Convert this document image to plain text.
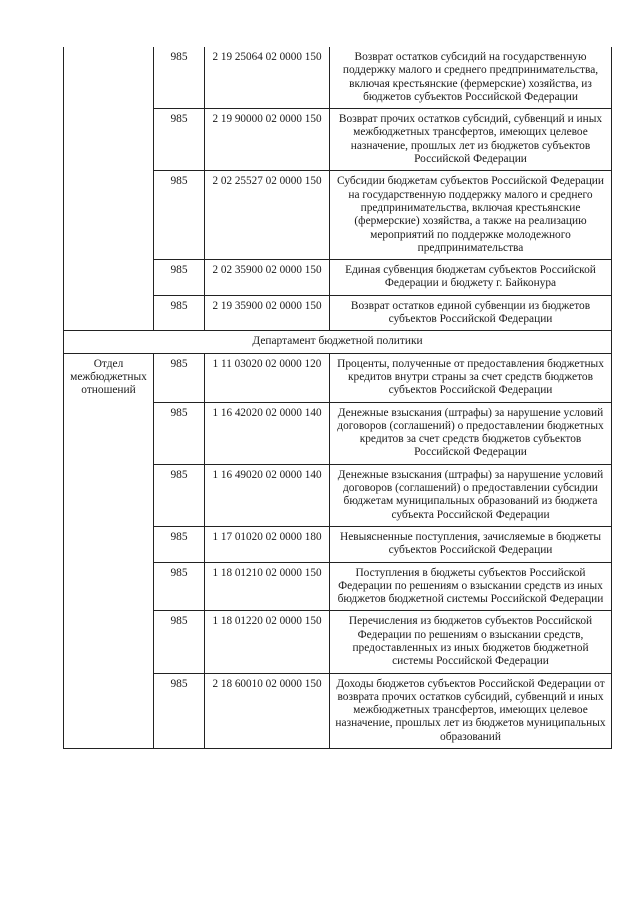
	985	2 19 25064 02 0000 150	Возврат остатков субсидий на государственную поддержку малого и среднего предпринимательства, включая крестьянские (фермерские) хозяйства, из бюджетов субъектов Российской Федерации
	985	2 19 90000 02 0000 150	Возврат прочих остатков субсидий, субвенций и иных межбюджетных трансфертов, имеющих целевое назначение, прошлых лет из бюджетов субъектов Российской Федерации
	985	2 02 25527 02 0000 150	Субсидии бюджетам субъектов Российской Федерации на государственную поддержку малого и среднего предпринимательства, включая крестьянские (фермерские) хозяйства, а также на реализацию мероприятий по поддержке молодежного предпринимательства
	985	2 02 35900 02 0000 150	Единая субвенция бюджетам субъектов Российской Федерации и бюджету г. Байконура
	985	2 19 35900 02 0000 150	Возврат остатков единой субвенции из бюджетов субъектов Российской Федерации
Департамент бюджетной политики			
Отдел межбюджетных отношений	985	1 11 03020 02 0000 120	Проценты, полученные от предоставления бюджетных кредитов внутри страны за счет средств бюджетов субъектов Российской Федерации
	985	1 16 42020 02 0000 140	Денежные взыскания (штрафы) за нарушение условий договоров (соглашений) о предоставлении бюджетных кредитов за счет средств бюджетов субъектов Российской Федерации
	985	1 16 49020 02 0000 140	Денежные взыскания (штрафы) за нарушение условий договоров (соглашений) о предоставлении субсидии бюджетам муниципальных образований из бюджета субъекта Российской Федерации
	985	1 17 01020 02 0000 180	Невыясненные поступления, зачисляемые в бюджеты субъектов Российской Федерации
	985	1 18 01210 02 0000 150	Поступления в бюджеты субъектов Российской Федерации по решениям о взыскании средств из иных бюджетов бюджетной системы Российской Федерации
	985	1 18 01220 02 0000 150	Перечисления из бюджетов субъектов Российской Федерации по решениям о взыскании средств, предоставленных из иных бюджетов бюджетной системы Российской Федерации
	985	2 18 60010 02 0000 150	Доходы бюджетов субъектов Российской Федерации от возврата прочих остатков субсидий, субвенций и иных межбюджетных трансфертов, имеющих целевое назначение, прошлых лет из бюджетов муниципальных образований
